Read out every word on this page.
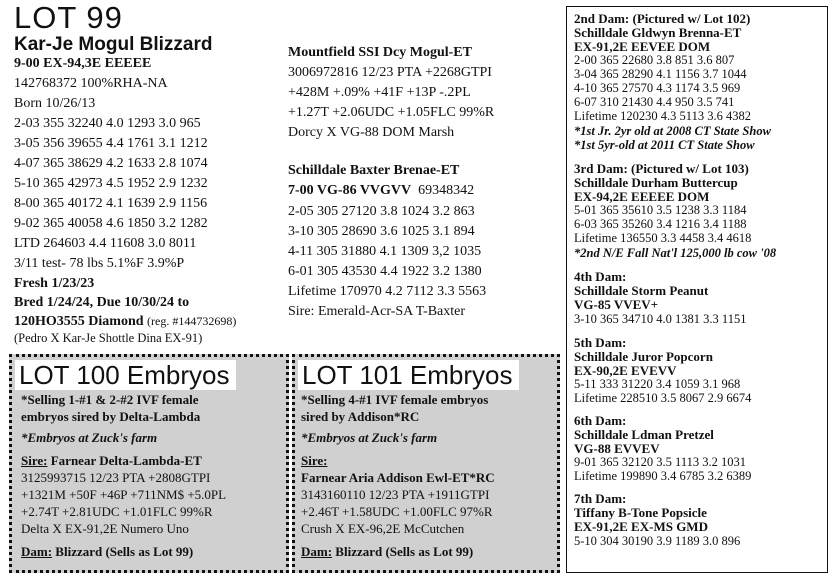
LOT 99
Kar-Je Mogul Blizzard
9-00 EX-94,3E EEEEE
142768372 100%RHA-NA
Born 10/26/13
2-03 355 32240 4.0 1293 3.0 965
3-05 356 39655 4.4 1761 3.1 1212
4-07 365 38629 4.2 1633 2.8 1074
5-10 365 42973 4.5 1952 2.9 1232
8-00 365 40172 4.1 1639 2.9 1156
9-02 365 40058 4.6 1850 3.2 1282
LTD 264603 4.4 11608 3.0 8011
3/11 test- 78 lbs 5.1%F 3.9%P
Fresh 1/23/23
Bred 1/24/24, Due 10/30/24 to
120HO3555 Diamond (reg. #144732698)
(Pedro X Kar-Je Shottle Dina EX-91)
Mountfield SSI Dcy Mogul-ET
3006972816 12/23 PTA +2268GTPI
+428M +.09% +41F +13P -.2PL
+1.27T +2.06UDC +1.05FLC 99%R
Dorcy X VG-88 DOM Marsh
Schilldale Baxter Brenae-ET
7-00 VG-86 VVGVV 69348342
2-05 305 27120 3.8 1024 3.2 863
3-10 305 28690 3.6 1025 3.1 894
4-11 305 31880 4.1 1309 3,2 1035
6-01 305 43530 4.4 1922 3.2 1380
Lifetime 170970 4.2 7112 3.3 5563
Sire: Emerald-Acr-SA T-Baxter
LOT 100 Embryos
*Selling 1-#1 & 2-#2 IVF female
embryos sired by Delta-Lambda
*Embryos at Zuck's farm
Sire: Farnear Delta-Lambda-ET
3125993715 12/23 PTA +2808GTPI
+1321M +50F +46P +711NM$ +5.0PL
+2.74T +2.81UDC +1.01FLC 99%R
Delta X EX-91,2E Numero Uno
Dam: Blizzard (Sells as Lot 99)
LOT 101 Embryos
*Selling 4-#1 IVF female embryos
sired by Addison*RC
*Embryos at Zuck's farm
Sire:
Farnear Aria Addison Ewl-ET*RC
3143160110 12/23 PTA +1911GTPI
+2.46T +1.58UDC +1.00FLC 97%R
Crush X EX-96,2E McCutchen
Dam: Blizzard (Sells as Lot 99)
2nd Dam: (Pictured w/ Lot 102)
Schilldale Gldwyn Brenna-ET
EX-91,2E EEVEE DOM
2-00 365 22680 3.8 851 3.6 807
3-04 365 28290 4.1 1156 3.7 1044
4-10 365 27570 4.3 1174 3.5 969
6-07 310 21430 4.4 950 3.5 741
Lifetime 120230 4.3 5113 3.6 4382
*1st Jr. 2yr old at 2008 CT State Show
*1st 5yr-old at 2011 CT State Show
3rd Dam: (Pictured w/ Lot 103)
Schilldale Durham Buttercup
EX-94,2E EEEEE DOM
5-01 365 35610 3.5 1238 3.3 1184
6-03 365 35260 3.4 1216 3.4 1188
Lifetime 136550 3.3 4458 3.4 4618
*2nd N/E Fall Nat'l 125,000 lb cow '08
4th Dam:
Schilldale Storm Peanut
VG-85 VVEV+
3-10 365 34710 4.0 1381 3.3 1151
5th Dam:
Schilldale Juror Popcorn
EX-90,2E EVEVV
5-11 333 31220 3.4 1059 3.1 968
Lifetime 228510 3.5 8067 2.9 6674
6th Dam:
Schilldale Ldman Pretzel
VG-88 EVVEV
9-01 365 32120 3.5 1113 3.2 1031
Lifetime 199890 3.4 6785 3.2 6389
7th Dam:
Tiffany B-Tone Popsicle
EX-91,2E EX-MS GMD
5-10 304 30190 3.9 1189 3.0 896
